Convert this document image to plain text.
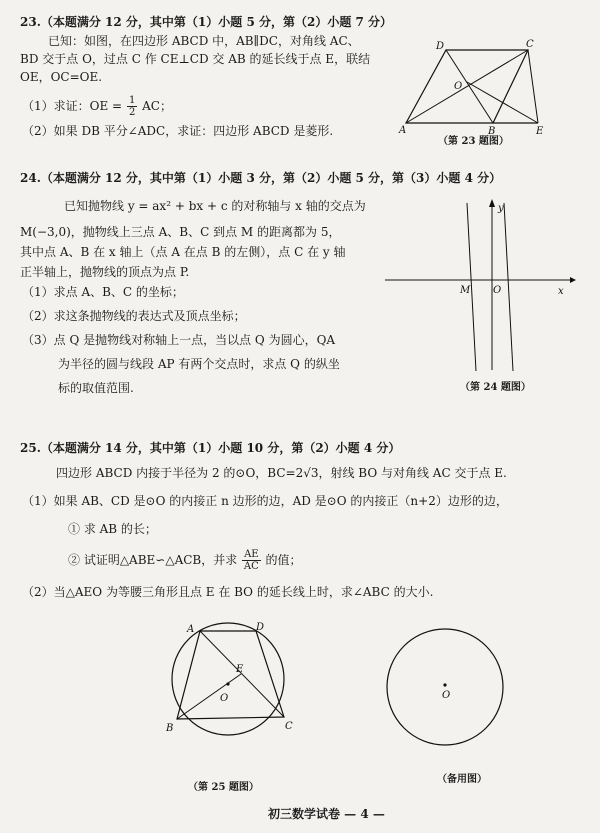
23.（本题满分 12 分，其中第（1）小题 5 分，第（2）小题 7 分）
已知：如图，在四边形 ABCD 中，AB∥DC，对角线 AC、
BD 交于点 O，过点 C 作 CE⊥CD 交 AB 的延长线于点 E，联结
OE，OC=OE.
（1）求证：OE = $\frac{1}{2}$ AC；
（2）如果 DB 平分∠ADC，求证：四边形 ABCD 是菱形.	A	B
C
D
E
O
（第 23 题图）
24.（本题满分 12 分，其中第（1）小题 3 分，第（2）小题 5 分，第（3）小题 4 分）
已知抛物线 y = ax² + bx + c 的对称轴与 x 轴的交点为
M(−3,0)，抛物线上三点 A、B、C 到点 M 的距离都为 5，
其中点 A、B 在 x 轴上（点 A 在点 B 的左侧），点 C 在 y 轴
正半轴上，抛物线的顶点为点 P.
（1）求点 A、B、C 的坐标；
（2）求这条抛物线的表达式及顶点坐标；
（3）点 Q 是抛物线对称轴上一点，当以点 Q 为圆心，QA
为半径的圆与线段 AP 有两个交点时，求点 Q 的纵坐
标的取值范围.
y
x
M O
（第 24 题图）
25.（本题满分 14 分，其中第（1）小题 10 分，第（2）小题 4 分）
四边形 ABCD 内接于半径为 2 的⊙O，BC=2√3，射线 BO 与对角线 AC 交于点 E.
（1）如果 AB、CD 是⊙O 的内接正 n 边形的边，AD 是⊙O 的内接正（n+2）边形的边，
① 求 AB 的长；
② 试证明△ABE∽△ACB，并求 $\frac{AE}{AC}$ 的值；
（2）当△AEO 为等腰三角形且点 E 在 BO 的延长线上时，求∠ABC 的大小.
A
B	C
D
E
O
（第 25 题图）
O
（备用图）
初三数学试卷 — 4 —
